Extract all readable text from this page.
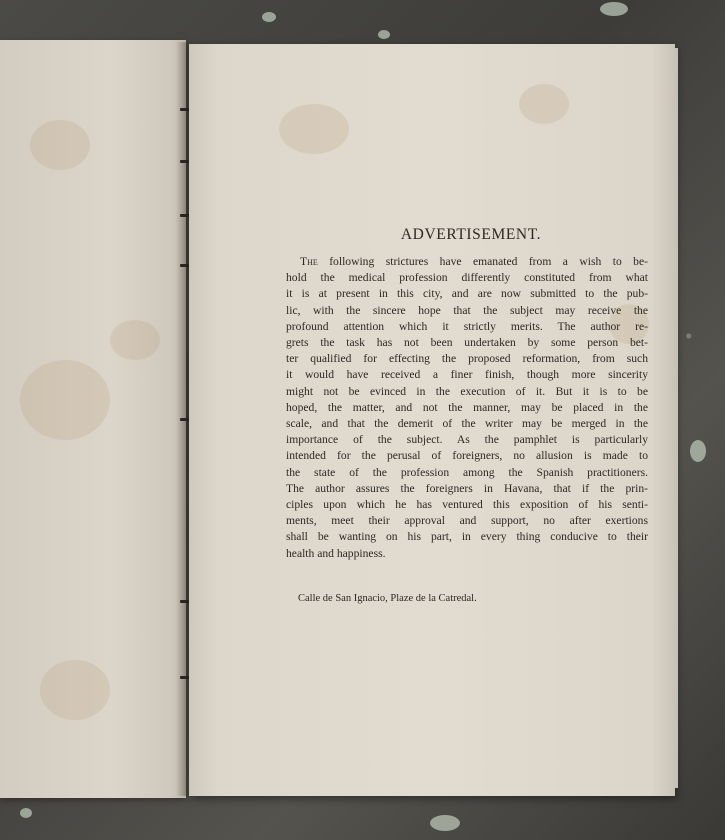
ADVERTISEMENT.

The following strictures have emanated from a wish to be-

hold the medical profession differently constituted from what

it is at present in this city, and are now submitted to the pub-

lic, with the sincere hope that the subject may receive the

profound attention which it strictly merits. The author re-

grets the task has not been undertaken by some person bet-

ter qualified for effecting the proposed reformation, from such

it would have received a finer finish, though more sincerity

might not be evinced in the execution of it. But it is to be

hoped, the matter, and not the manner, may be placed in the

scale, and that the demerit of the writer may be merged in the

importance of the subject. As the pamphlet is particularly

intended for the perusal of foreigners, no allusion is made to

the state of the profession among the Spanish practitioners.

The author assures the foreigners in Havana, that if the prin-

ciples upon which he has ventured this exposition of his senti-

ments, meet their approval and support, no after exertions

shall be wanting on his part, in every thing conducive to their

health and happiness.

Calle de San Ignacio, Plaze de la Catredal.
